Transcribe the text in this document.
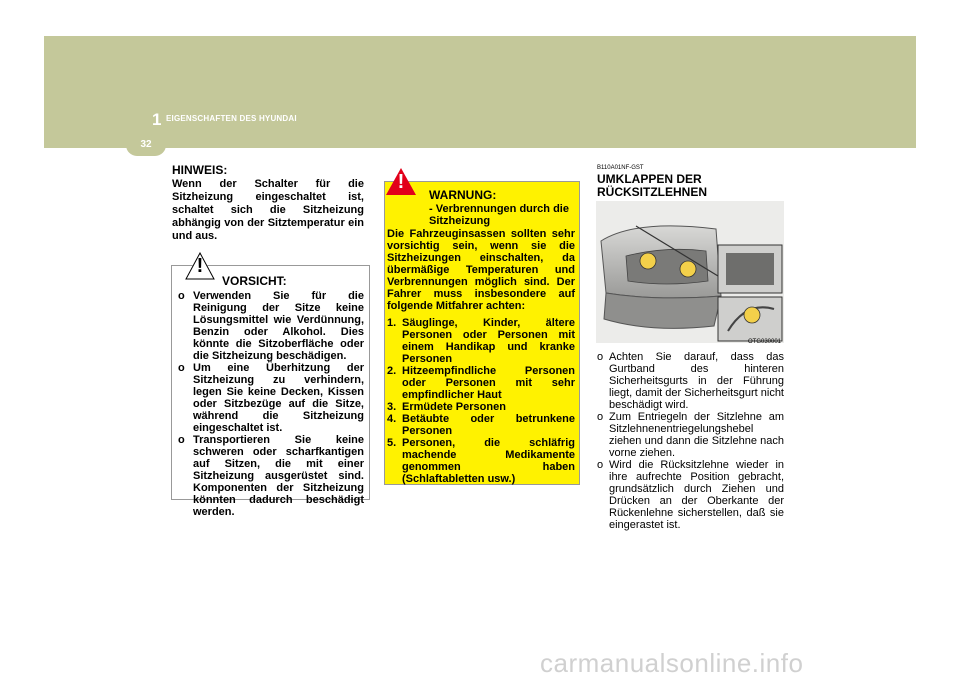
1 EIGENSCHAFTEN DES HYUNDAI
32
HINWEIS:
Wenn der Schalter für die Sitzheizung eingeschaltet ist, schaltet sich die Sitzheizung abhängig von der Sitztemperatur ein und aus.
VORSICHT:
o Verwenden Sie für die Reinigung der Sitze keine Lösungsmittel wie Verdünnung, Benzin oder Alkohol. Dies könnte die Sitzoberfläche oder die Sitzheizung beschädigen.
o Um eine Überhitzung der Sitzheizung zu verhindern, legen Sie keine Decken, Kissen oder Sitzbezüge auf die Sitze, während die Sitzheizung eingeschaltet ist.
o Transportieren Sie keine schweren oder scharfkantigen auf Sitzen, die mit einer Sitzheizung ausgerüstet sind. Komponenten der Sitzheizung könnten dadurch beschädigt werden.
!
WARNUNG:
- Verbrennungen durch die Sitzheizung
Die Fahrzeuginsassen sollten sehr vorsichtig sein, wenn sie die Sitzheizungen einschalten, da übermäßige Temperaturen und Verbrennungen möglich sind. Der Fahrer muss insbesondere auf folgende Mitfahrer achten:
1. Säuglinge, Kinder, ältere Personen oder Personen mit einem Handikap und kranke Personen
2. Hitzeempfindliche Personen oder Personen mit sehr empfindlicher Haut
3. Ermüdete Personen
4. Betäubte oder betrunkene Personen
5. Personen, die schläfrig machende Medikamente genommen haben (Schlaftabletten usw.)
!
B110A01NF-GST
UMKLAPPEN DER
RÜCKSITZLEHNEN
OTG030001
o Achten Sie darauf, dass das Gurtband des hinteren Sicherheitsgurts in der Führung liegt, damit der Sicherheitsgurt nicht beschädigt wird.
o Zum Entriegeln der Sitzlehne am Sitzlehnenentriegelungshebel ziehen und dann die Sitzlehne nach vorne ziehen.
o Wird die Rücksitzlehne wieder in ihre aufrechte Position gebracht, grundsätzlich durch Ziehen und Drücken an der Oberkante der Rückenlehne sicherstellen, daß sie eingerastet ist.
carmanualsonline.info
